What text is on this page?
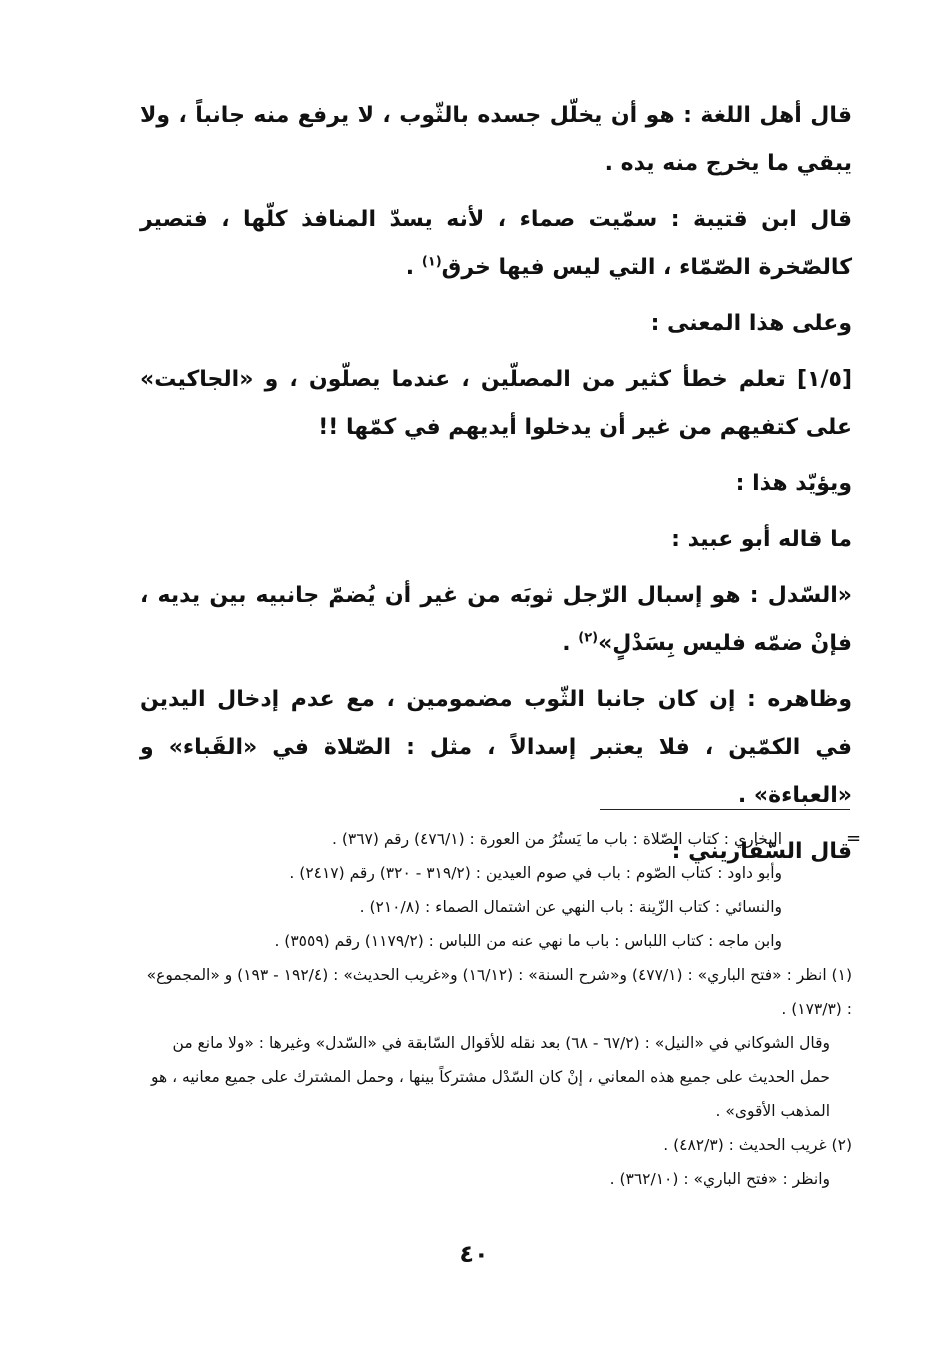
قال أهل اللغة : هو أن يخلّل جسده بالثّوب ، لا يرفع منه جانباً ، ولا يبقي ما يخرج منه يده .

قال ابن قتيبة : سمّيت صماء ، لأنه يسدّ المنافذ كلّها ، فتصير كالصّخرة الصّمّاء ، التي ليس فيها خرق$^{(١)}$ .

وعلى هذا المعنى :

[١/٥] تعلم خطأ كثير من المصلّين ، عندما يصلّون ، و «الجاكيت» على كتفيهم من غير أن يدخلوا أيديهم في كمّها !!

ويؤيّد هذا :

ما قاله أبو عبيد :

«السّدل : هو إسبال الرّجل ثوبَه من غير أن يُضمّ جانبيه بين يديه ، فإنْ ضمّه فليس بِسَدْلٍ»$^{(٢)}$ .

وظاهره : إن كان جانبا الثّوب مضمومين ، مع عدم إدخال اليدين في الكمّين ، فلا يعتبر إسدالاً ، مثل : الصّلاة في «القَباء» و «العباءة» .

قال السّفاريني :

=

البخاري : كتاب الصّلاة : باب ما يَستُرُ من العورة : (٤٧٦/١) رقم (٣٦٧) .

وأبو داود : كتاب الصّوم : باب في صوم العيدين : (٣١٩/٢ - ٣٢٠) رقم (٢٤١٧) .

والنسائي : كتاب الزّينة : باب النهي عن اشتمال الصماء : (٢١٠/٨) .

وابن ماجه : كتاب اللباس : باب ما نهي عنه من اللباس : (١١٧٩/٢) رقم (٣٥٥٩) .

(١) انظر : «فتح الباري» : (٤٧٧/١) و«شرح السنة» : (١٦/١٢) و«غريب الحديث» : (١٩٢/٤ - ١٩٣) و «المجموع» : (١٧٣/٣) .

وقال الشوكاني في «النيل» : (٦٧/٢ - ٦٨) بعد نقله للأقوال السّابقة في «السّدل» وغيرها : «ولا مانع من حمل الحديث على جميع هذه المعاني ، إنْ كان السّدْل مشتركاً بينها ، وحمل المشترك على جميع معانيه ، هو المذهب الأقوى» .

(٢) غريب الحديث : (٤٨٢/٣) .

وانظر : «فتح الباري» : (٣٦٢/١٠) .

٤٠
